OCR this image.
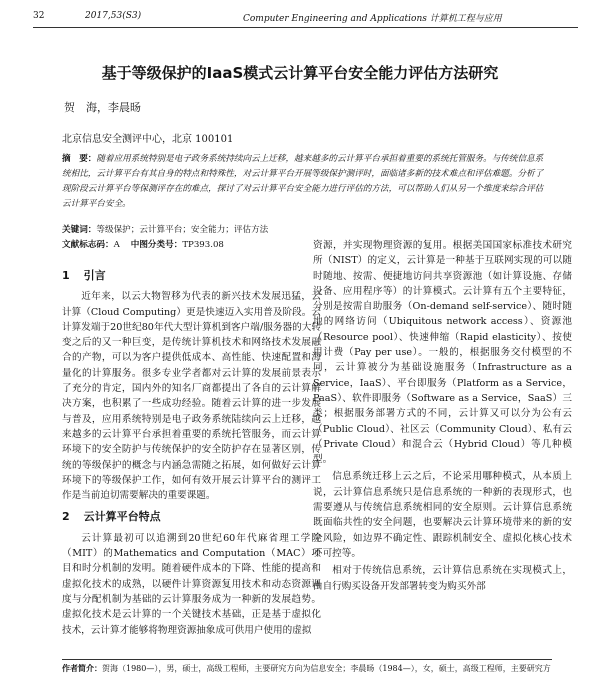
32	2017,53(S3)	Computer Engineering and Applications 计算机工程与应用
基于等级保护的IaaS模式云计算平台安全能力评估方法研究
贺　海，李晨旸
北京信息安全测评中心，北京 100101
摘　要：随着应用系统特别是电子政务系统持续向云上迁移，越来越多的云计算平台承担着重要的系统托管服务。与传统信息系统相比，云计算平台有其自身的特点和特殊性，对云计算平台开展等级保护测评时，面临诸多新的技术难点和评估难题。分析了现阶段云计算平台等保测评存在的难点，探讨了对云计算平台安全能力进行评估的方法，可以帮助人们从另一个维度来综合评估云计算平台安全。
关键词：等级保护；云计算平台；安全能力；评估方法
文献标志码：A 中图分类号：TP393.08
1 引言

近年来，以云大物智移为代表的新兴技术发展迅猛，云计算（Cloud Computing）更是快速迈入实用普及阶段。云计算发端于20世纪80年代大型计算机到客户端/服务器的大转变之后的又一种巨变，是传统计算机技术和网络技术发展融合的产物，可以为客户提供低成本、高性能、快速配置和海量化的计算服务。很多专业学者都对云计算的发展前景表示了充分的肯定，国内外的知名厂商都提出了各自的云计算解决方案，也积累了一些成功经验。随着云计算的进一步发展与普及，应用系统特别是电子政务系统陆续向云上迁移，越来越多的云计算平台承担着重要的系统托管服务，而云计算环境下的安全防护与传统保护的安全防护存在显著区别，传统的等级保护的概念与内涵急需随之拓展，如何做好云计算环境下的等级保护工作，如何有效开展云计算平台的测评工作是当前迫切需要解决的重要课题。

2 云计算平台特点

云计算最初可以追溯到20世纪60年代麻省理工学院（MIT）的Mathematics and Computation（MAC）项目和时分机制的发明。随着硬件成本的下降、性能的提高和虚拟化技术的成熟，以硬件计算资源复用技术和动态资源调度与分配机制为基础的云计算服务成为一种新的发展趋势。虚拟化技术是云计算的一个关键技术基础，正是基于虚拟化技术，云计算才能够将物理资源抽象成可供用户使用的虚拟

资源，并实现物理资源的复用。根据美国国家标准技术研究所（NIST）的定义，云计算是一种基于互联网实现的可以随时随地、按需、便捷地访问共享资源池（如计算设施、存储设备、应用程序等）的计算模式。云计算有五个主要特征，分别是按需自助服务（On-demand self-service）、随时随地的网络访问（Ubiquitous network access）、资源池（Resource pool）、快速伸缩（Rapid elasticity）、按使用计费（Pay per use）。一般的，根据服务交付模型的不同，云计算被分为基础设施服务（Infrastructure as a Service，IaaS）、平台即服务（Platform as a Service，PaaS）、软件即服务（Software as a Service，SaaS）三类；根据服务部署方式的不同，云计算又可以分为公有云（Public Cloud）、社区云（Community Cloud）、私有云（Private Cloud）和混合云（Hybrid Cloud）等几种模型。

信息系统迁移上云之后，不论采用哪种模式，从本质上说，云计算信息系统只是信息系统的一种新的表现形式，也需要遵从与传统信息系统相同的安全原则。云计算信息系统既面临共性的安全问题，也要解决云计算环境带来的新的安全风险，如边界不确定性、跟踪机制安全、虚拟化核心技术不可控等。

相对于传统信息系统，云计算信息系统在实现模式上，由自行购买设备开发部署转变为购买外部

作者简介：贺海（1980—），男，硕士，高级工程师，主要研究方向为信息安全；李晨旸（1984—），女，硕士，高级工程师，主要研究方
